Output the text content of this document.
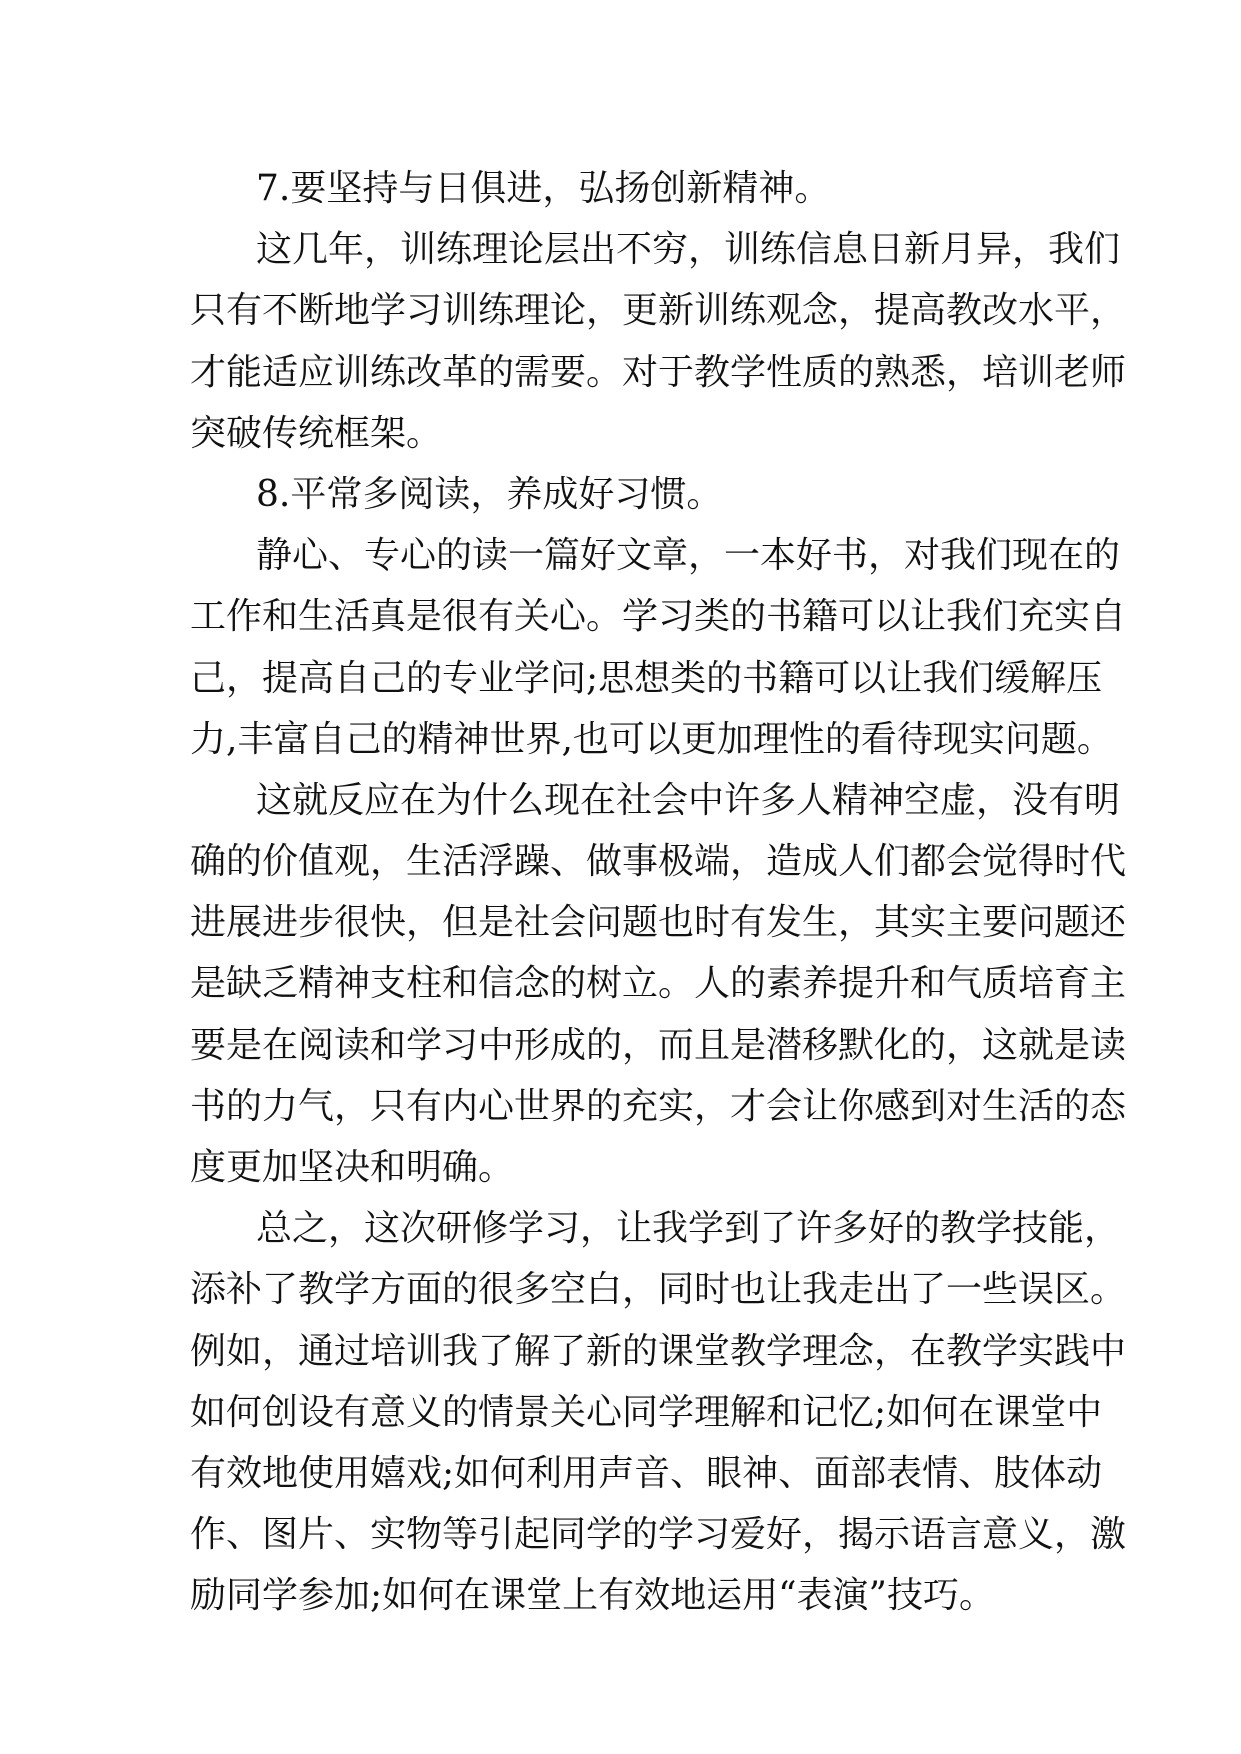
7.要坚持与日俱进，弘扬创新精神。
这几年，训练理论层出不穷，训练信息日新月异，我们
只有不断地学习训练理论，更新训练观念，提高教改水平，
才能适应训练改革的需要。对于教学性质的熟悉，培训老师
突破传统框架。
8.平常多阅读，养成好习惯。
静心、专心的读一篇好文章，一本好书，对我们现在的
工作和生活真是很有关心。学习类的书籍可以让我们充实自
己，提高自己的专业学问;思想类的书籍可以让我们缓解压
力,丰富自己的精神世界,也可以更加理性的看待现实问题。
这就反应在为什么现在社会中许多人精神空虚，没有明
确的价值观，生活浮躁、做事极端，造成人们都会觉得时代
进展进步很快，但是社会问题也时有发生，其实主要问题还
是缺乏精神支柱和信念的树立。人的素养提升和气质培育主
要是在阅读和学习中形成的，而且是潜移默化的，这就是读
书的力气，只有内心世界的充实，才会让你感到对生活的态
度更加坚决和明确。
总之，这次研修学习，让我学到了许多好的教学技能，
添补了教学方面的很多空白，同时也让我走出了一些误区。
例如，通过培训我了解了新的课堂教学理念，在教学实践中
如何创设有意义的情景关心同学理解和记忆;如何在课堂中
有效地使用嬉戏;如何利用声音、眼神、面部表情、肢体动
作、图片、实物等引起同学的学习爱好，揭示语言意义，激
励同学参加;如何在课堂上有效地运用“表演”技巧。
